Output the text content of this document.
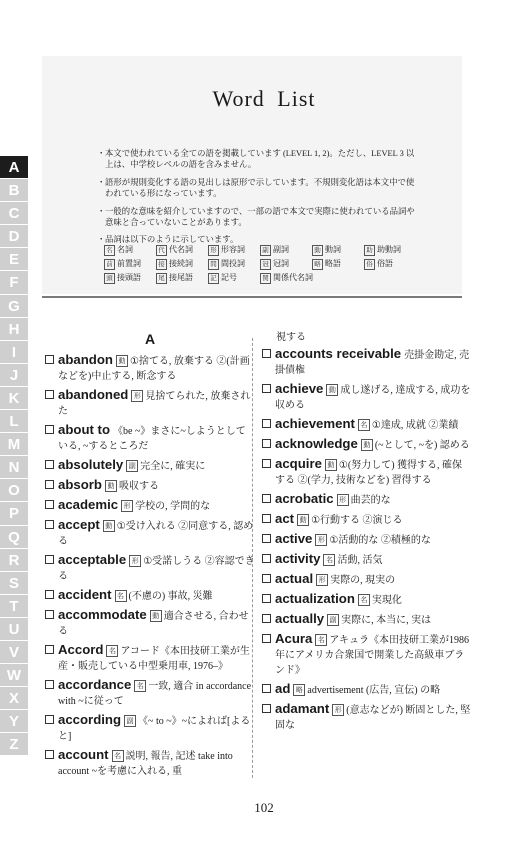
Word List
・ 本文で使われている全ての語を掲載しています (LEVEL 1, 2)。ただし、LEVEL 3 以上は、中学校レベルの語を含みません。
・ 語形が規則変化する語の見出しは原形で示しています。不規則変化語は本文中で使われている形になっています。
・ 一般的な意味を紹介していますので、一部の語で本文で実際に使われている品詞や意味と合っていないことがあります。
・ 品詞は以下のように示しています。
名 名詞	代 代名詞	形 形容詞	副 副詞	動 動詞	助 助動詞
前 前置詞	接 接続詞	間 間投詞	冠 冠詞	略 略語	俗 俗語
頭 接頭語	尾 接尾語	記 記号	関 関係代名詞
A
B
C
D
E
F
G
H
I
J
K
L
M
N
O
P
Q
R
S
T
U
V
W
X
Y
Z
A
abandon 動 ①捨てる, 放棄する ②(計画などを)中止する, 断念する
abandoned 形 見捨てられた, 放棄された
about to 《be ~》まさに~しようとしている, ~するところだ
absolutely 副 完全に, 確実に
absorb 動 吸収する
academic 形 学校の, 学問的な
accept 動 ①受け入れる ②同意する, 認める
acceptable 形 ①受諾しうる ②容認できる
accident 名 (不慮の) 事故, 災難
accommodate 動 適合させる, 合わせる
Accord 名 アコード《本田技研工業が生産・販売している中型乗用車, 1976–》
accordance 名 一致, 適合 in accordance with ~に従って
according 副 《~ to ~》~によれば[よると]
account 名 説明, 報告, 記述 take into account ~を考慮に入れる, 重
視する
accounts receivable 売掛金勘定, 売掛債権
achieve 動 成し遂げる, 達成する, 成功を収める
achievement 名 ①達成, 成就 ②業績
acknowledge 動 (~として, ~を) 認める
acquire 動 ①(努力して) 獲得する, 確保する ②(学力, 技術などを) 習得する
acrobatic 形 曲芸的な
act 動 ①行動する ②演じる
active 形 ①活動的な ②積極的な
activity 名 活動, 活気
actual 形 実際の, 現実の
actualization 名 実現化
actually 副 実際に, 本当に, 実は
Acura 名 アキュラ《本田技研工業が1986年にアメリカ合衆国で開業した高級車ブランド》
ad 略 advertisement (広告, 宣伝) の略
adamant 形 (意志などが) 断固とした, 堅固な
102
